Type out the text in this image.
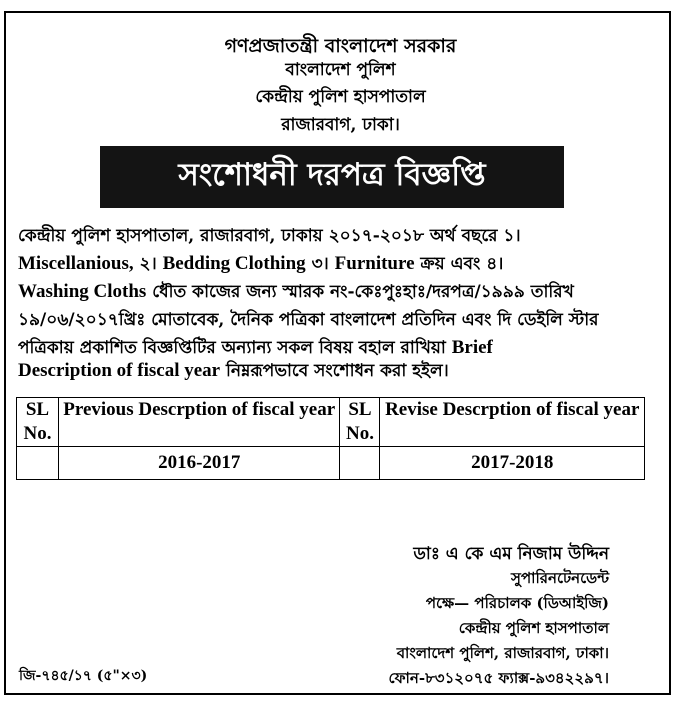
গণপ্রজাতন্ত্রী বাংলাদেশ সরকার
বাংলাদেশ পুলিশ
কেন্দ্রীয় পুলিশ হাসপাতাল
রাজারবাগ, ঢাকা।
সংশোধনী দরপত্র বিজ্ঞপ্তি
কেন্দ্রীয় পুলিশ হাসপাতাল, রাজারবাগ, ঢাকায় ২০১৭-২০১৮ অর্থ বছরে ১।
Miscellanious, ২। Bedding Clothing ৩। Furniture ক্রয় এবং ৪।
Washing Cloths ধৌত কাজের জন্য স্মারক নং-কেঃপুঃহাঃ/দরপত্র/১৯৯৯ তারিখ
১৯/০৬/২০১৭খ্রিঃ মোতাবেক, দৈনিক পত্রিকা বাংলাদেশ প্রতিদিন এবং দি ডেইলি স্টার
পত্রিকায় প্রকাশিত বিজ্ঞপ্তিটির অন্যান্য সকল বিষয় বহাল রাখিয়া Brief
Description of fiscal year নিম্নরূপভাবে সংশোধন করা হইল।
SL No.	Previous Descrption of fiscal year	SL No.	Revise Descrption of fiscal year
	2016-2017		2017-2018
ডাঃ এ কে এম নিজাম উদ্দিন
সুপারিনটেনডেন্ট
পক্ষে— পরিচালক (ডিআইজি)
কেন্দ্রীয় পুলিশ হাসপাতাল
বাংলাদেশ পুলিশ, রাজারবাগ, ঢাকা।
ফোন-৮৩১২০৭৫ ফ্যাক্স-৯৩৪২২৯৭।
জি-৭৪৫/১৭ (৫"×৩)
